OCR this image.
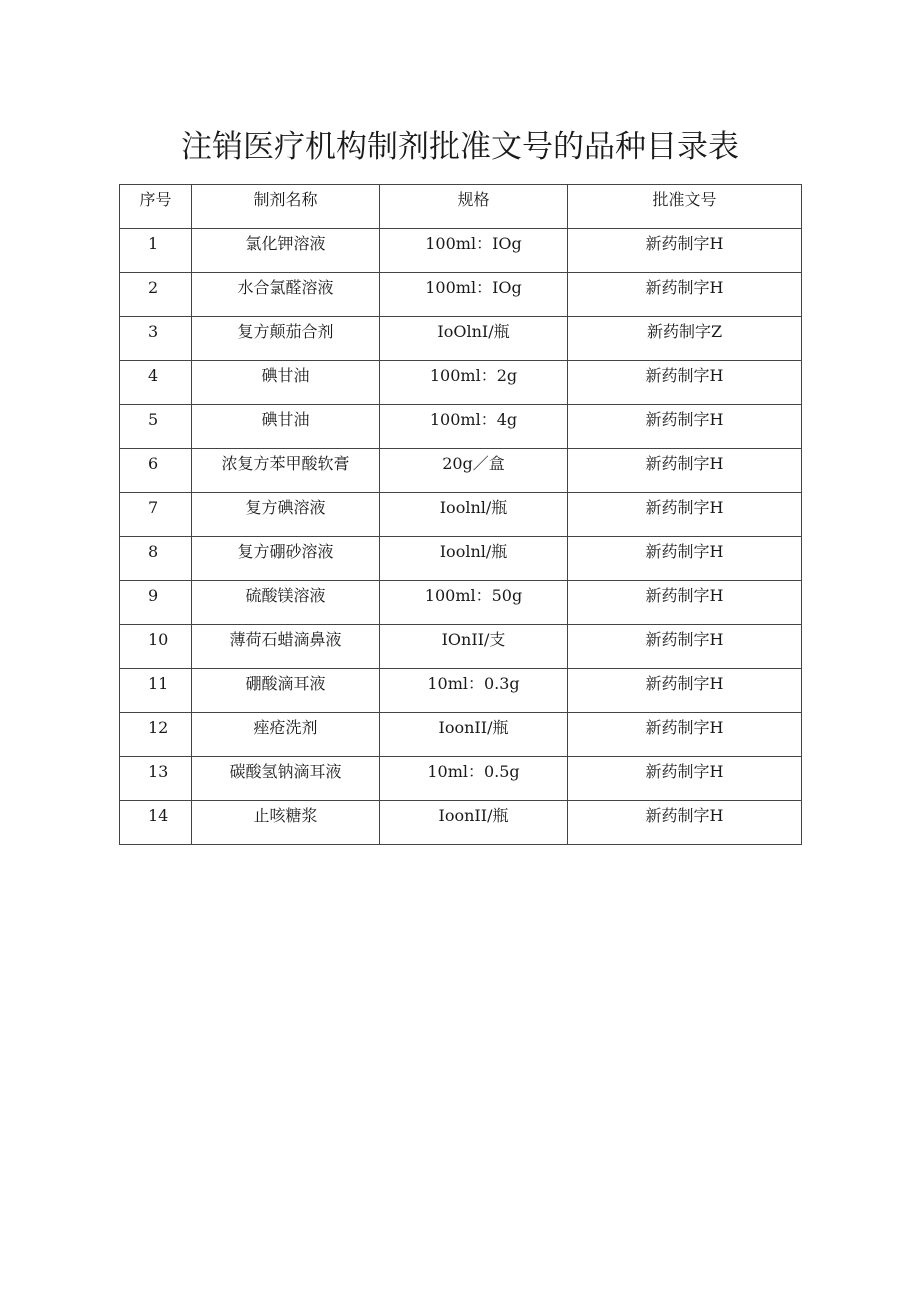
注销医疗机构制剂批准文号的品种目录表
序号	制剂名称	规格	批准文号
1	氯化钾溶液	100ml：IOg	新药制字H
2	水合氯醛溶液	100ml：IOg	新药制字H
3	复方颠茄合剂	IoOlnI/瓶	新药制字Z
4	碘甘油	100ml：2g	新药制字H
5	碘甘油	100ml：4g	新药制字H
6	浓复方苯甲酸软膏	20g／盒	新药制字H
7	复方碘溶液	Ioolnl/瓶	新药制字H
8	复方硼砂溶液	Ioolnl/瓶	新药制字H
9	硫酸镁溶液	100ml：50g	新药制字H
10	薄荷石蜡滴鼻液	IOnII/支	新药制字H
11	硼酸滴耳液	10ml：0.3g	新药制字H
12	痤疮洗剂	IoonII/瓶	新药制字H
13	碳酸氢钠滴耳液	10ml：0.5g	新药制字H
14	止咳糖浆	IoonII/瓶	新药制字H
